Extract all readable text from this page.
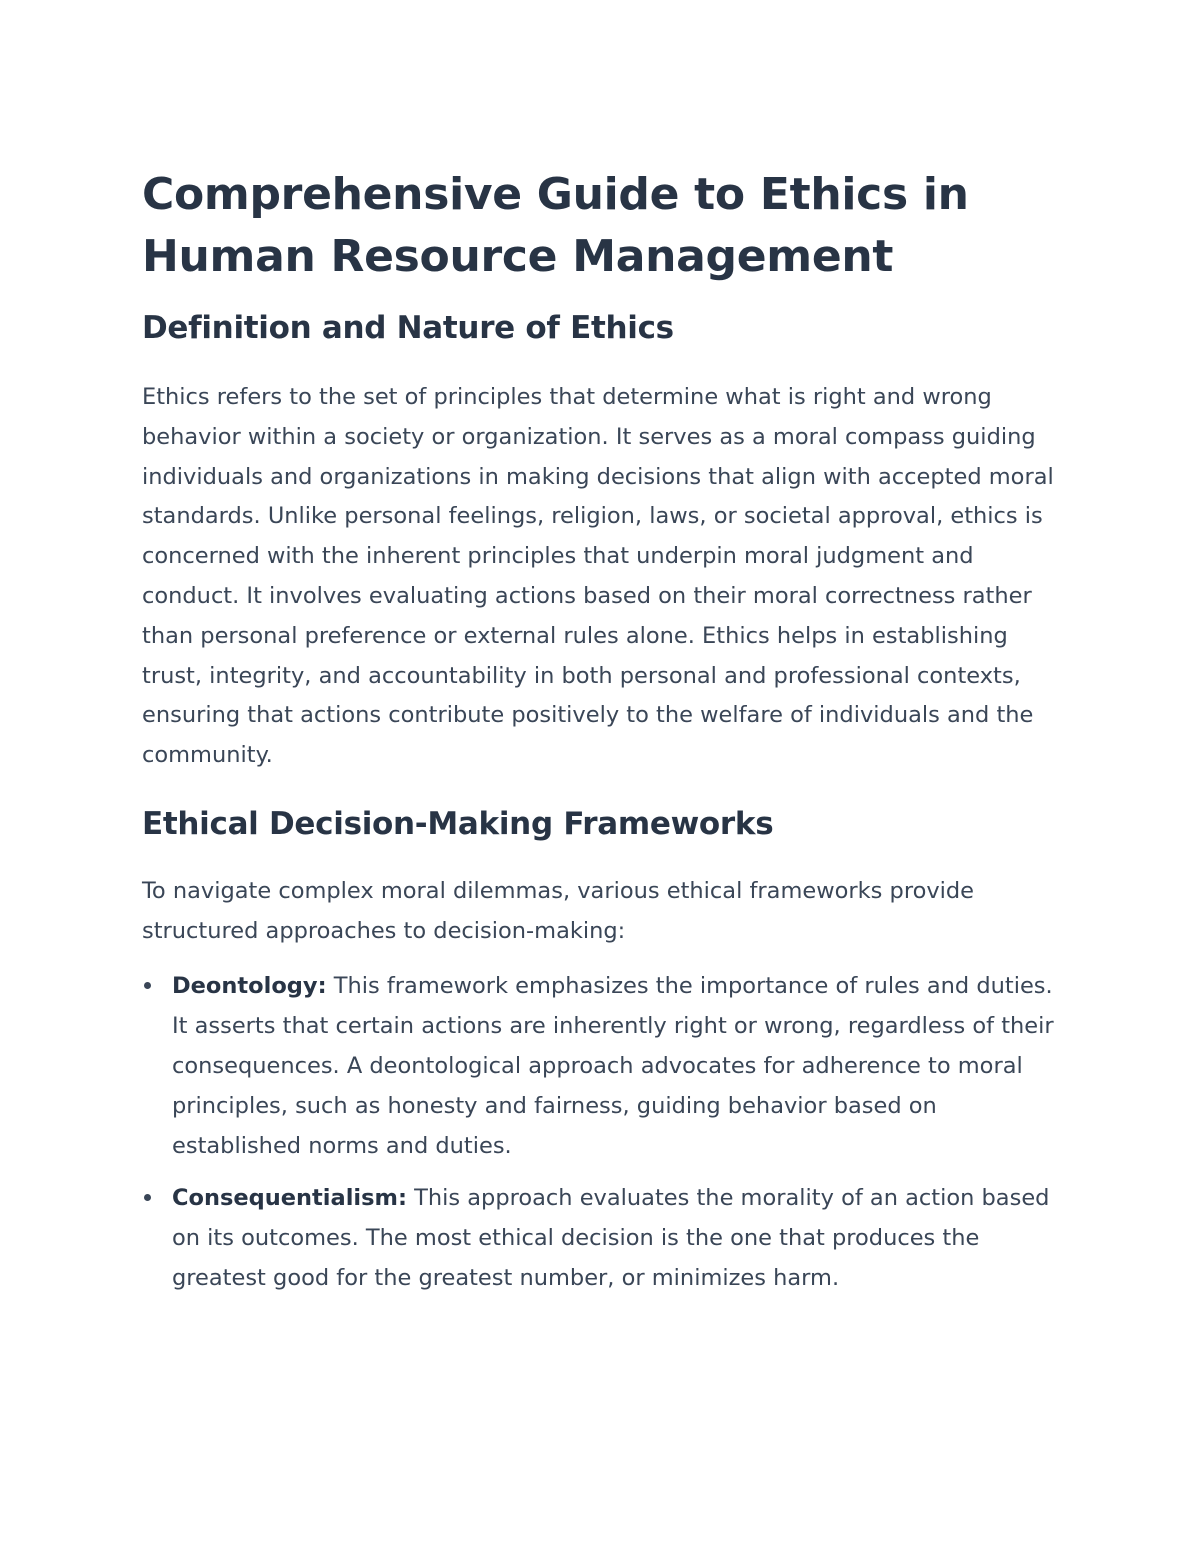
Comprehensive Guide to Ethics in Human Resource Management
Definition and Nature of Ethics

Ethics refers to the set of principles that determine what is right and wrong behavior within a society or organization. It serves as a moral compass guiding individuals and organizations in making decisions that align with accepted moral standards. Unlike personal feelings, religion, laws, or societal approval, ethics is concerned with the inherent principles that underpin moral judgment and conduct. It involves evaluating actions based on their moral correctness rather than personal preference or external rules alone. Ethics helps in establishing trust, integrity, and accountability in both personal and professional contexts, ensuring that actions contribute positively to the welfare of individuals and the community.

Ethical Decision-Making Frameworks

To navigate complex moral dilemmas, various ethical frameworks provide structured approaches to decision-making:

Deontology: This framework emphasizes the importance of rules and duties. It asserts that certain actions are inherently right or wrong, regardless of their consequences. A deontological approach advocates for adherence to moral principles, such as honesty and fairness, guiding behavior based on established norms and duties.
Consequentialism: This approach evaluates the morality of an action based on its outcomes. The most ethical decision is the one that produces the greatest good for the greatest number, or minimizes harm.
